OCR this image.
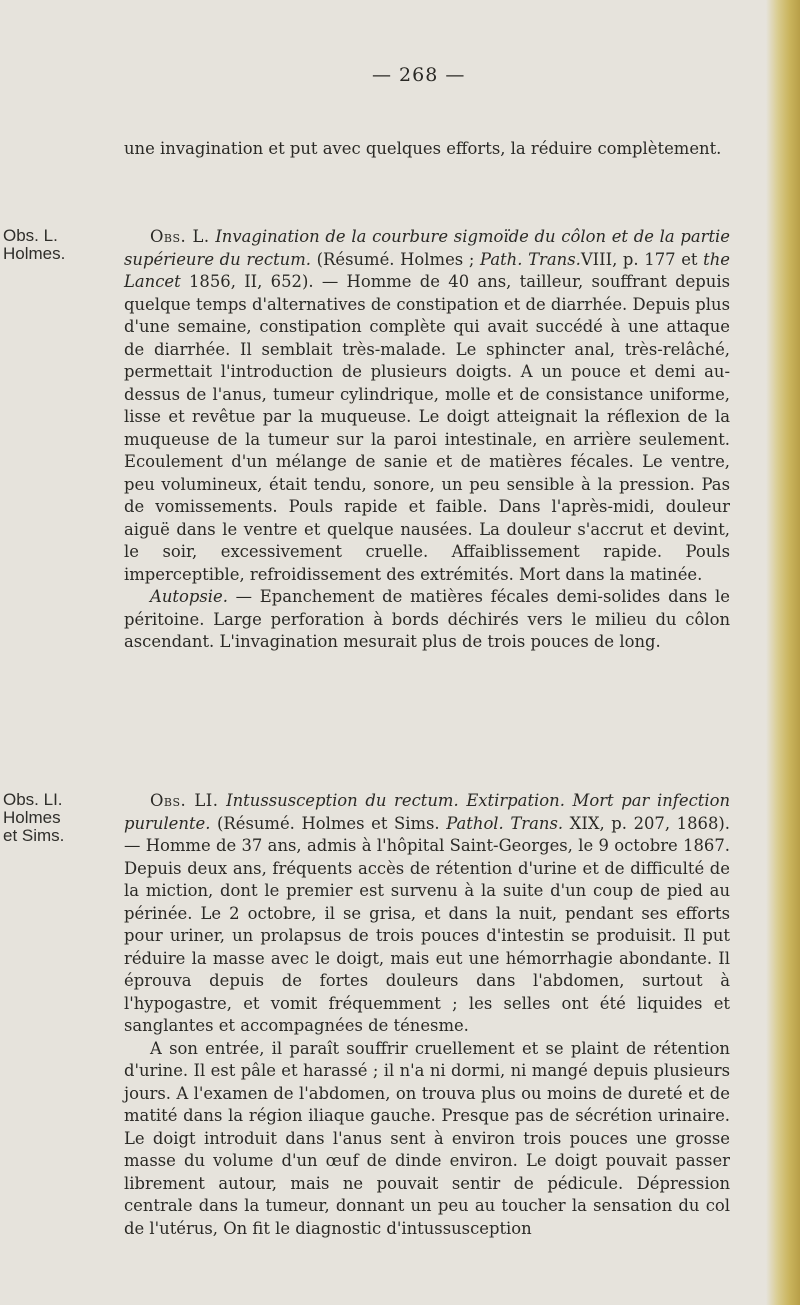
— 268 —

une invagination et put avec quelques efforts, la réduire complètement.

Obs. L.
Holmes.

Obs. L. Invagination de la courbure sigmoïde du côlon et de la partie supérieure du rectum. (Résumé. Holmes ; Path. Trans.VIII, p. 177 et the Lancet 1856, II, 652). — Homme de 40 ans, tailleur, souffrant depuis quelque temps d'alternatives de constipation et de diarrhée. Depuis plus d'une semaine, constipation complète qui avait succédé à une attaque de diarrhée. Il semblait très-malade. Le sphincter anal, très-relâché, permettait l'introduction de plusieurs doigts. A un pouce et demi au-dessus de l'anus, tumeur cylindrique, molle et de consistance uniforme, lisse et revêtue par la muqueuse. Le doigt atteignait la réflexion de la muqueuse de la tumeur sur la paroi intestinale, en arrière seulement. Ecoulement d'un mélange de sanie et de matières fécales. Le ventre, peu volumineux, était tendu, sonore, un peu sensible à la pression. Pas de vomissements. Pouls rapide et faible. Dans l'après-midi, douleur aiguë dans le ventre et quelque nausées. La douleur s'accrut et devint, le soir, excessivement cruelle. Affaiblissement rapide. Pouls imperceptible, refroidissement des extrémités. Mort dans la matinée.

Autopsie. — Epanchement de matières fécales demi-solides dans le péritoine. Large perforation à bords déchirés vers le milieu du côlon ascendant. L'invagination mesurait plus de trois pouces de long.

Obs. LI.
Holmes
et Sims.

Obs. LI. Intussusception du rectum. Extirpation. Mort par infection purulente. (Résumé. Holmes et Sims. Pathol. Trans. XIX, p. 207, 1868). — Homme de 37 ans, admis à l'hôpital Saint-Georges, le 9 octobre 1867. Depuis deux ans, fréquents accès de rétention d'urine et de difficulté de la miction, dont le premier est survenu à la suite d'un coup de pied au périnée. Le 2 octobre, il se grisa, et dans la nuit, pendant ses efforts pour uriner, un prolapsus de trois pouces d'intestin se produisit. Il put réduire la masse avec le doigt, mais eut une hémorrhagie abondante. Il éprouva depuis de fortes douleurs dans l'abdomen, surtout à l'hypogastre, et vomit fréquemment ; les selles ont été liquides et sanglantes et accompagnées de ténesme.

A son entrée, il paraît souffrir cruellement et se plaint de rétention d'urine. Il est pâle et harassé ; il n'a ni dormi, ni mangé depuis plusieurs jours. A l'examen de l'abdomen, on trouva plus ou moins de dureté et de matité dans la région iliaque gauche. Presque pas de sécrétion urinaire. Le doigt introduit dans l'anus sent à environ trois pouces une grosse masse du volume d'un œuf de dinde environ. Le doigt pouvait passer librement autour, mais ne pouvait sentir de pédicule. Dépression centrale dans la tumeur, donnant un peu au toucher la sensation du col de l'utérus, On fit le diagnostic d'intussusception
